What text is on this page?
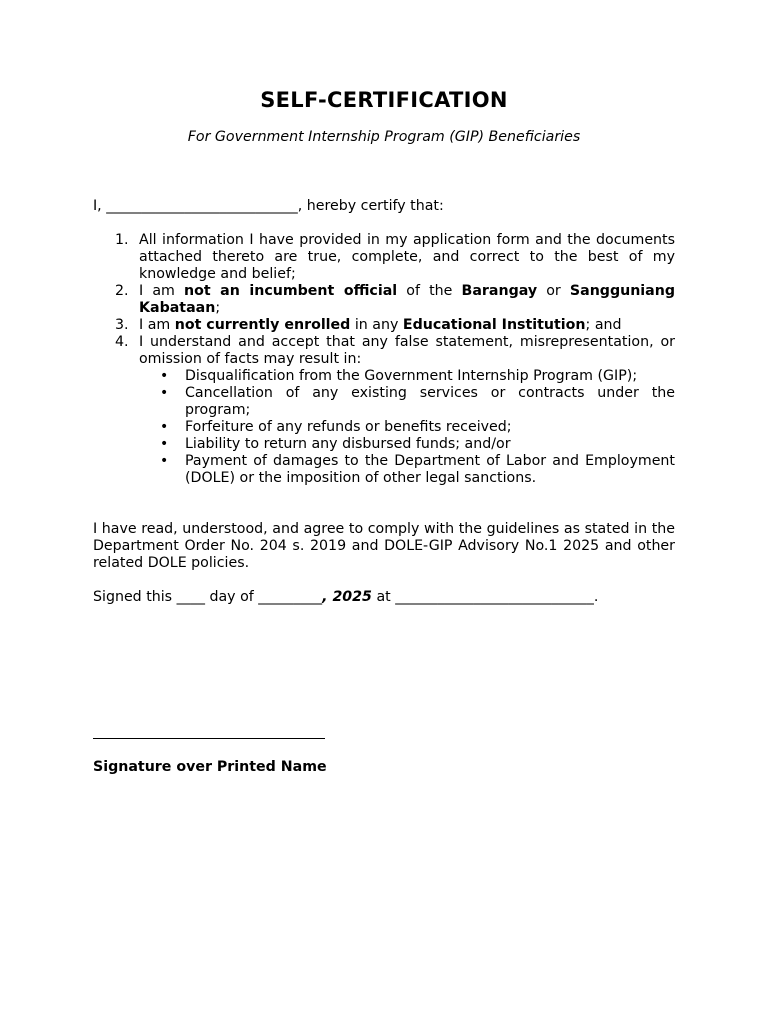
SELF-CERTIFICATION
For Government Internship Program (GIP) Beneficiaries
I, ___________________________, hereby certify that:
1. All information I have provided in my application form and the documents attached thereto are true, complete, and correct to the best of my knowledge and belief;
2. I am not an incumbent official of the Barangay or Sangguniang Kabataan;
3. I am not currently enrolled in any Educational Institution; and
4. I understand and accept that any false statement, misrepresentation, or omission of facts may result in:
• Disqualification from the Government Internship Program (GIP);
• Cancellation of any existing services or contracts under the program;
• Forfeiture of any refunds or benefits received;
• Liability to return any disbursed funds; and/or
• Payment of damages to the Department of Labor and Employment (DOLE) or the imposition of other legal sanctions.
I have read, understood, and agree to comply with the guidelines as stated in the Department Order No. 204 s. 2019 and DOLE-GIP Advisory No.1 2025 and other related DOLE policies.
Signed this ____ day of _________, 2025 at ____________________________.
Signature over Printed Name
